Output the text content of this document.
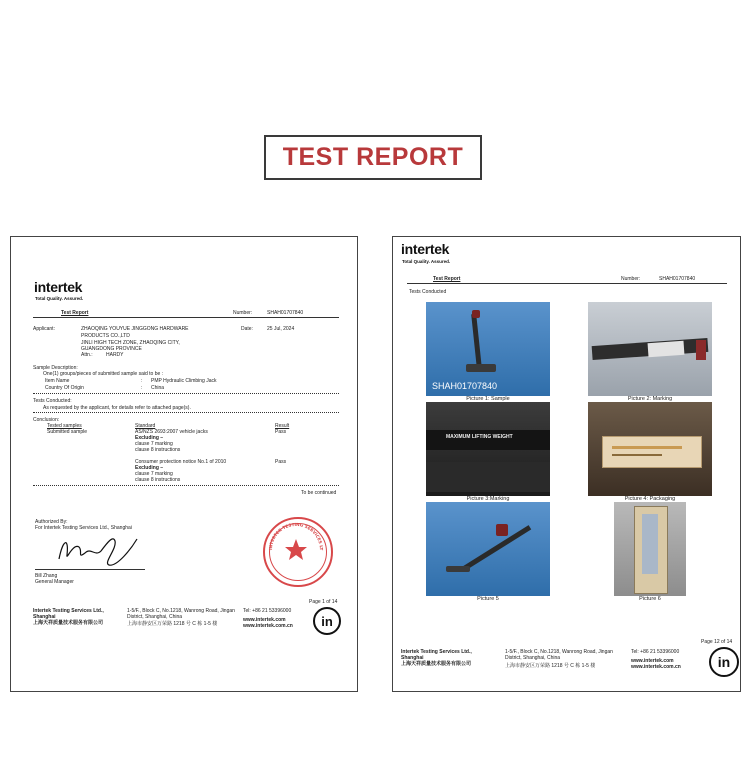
TEST REPORT
intertek
Total Quality. Assured.
Test Report	Number:	SHAH01707840
Applicant:	ZHAOQING YOUYUE JINGGONG HARDWARE
PRODUCTS CO.,LTD
JINLI HIGH TECH ZONE, ZHAOQING CITY,
GUANGDONG PROVINCE
Attn.:	HARDY
Date:	25 Jul, 2024
Sample Description:
One(1) groups/pieces of submitted sample said to be :
Item Name	: PMP Hydraulic Climbing Jack
Country Of Origin	: China
Tests Conducted:
As requested by the applicant, for details refer to attached page(s).
Conclusion:
Tested samples	Standard	Result
Submitted sample	AS/NZS 2693:2007 vehicle jacks
Excluding –
clause 7 marking
clause 8 instructions
Pass
Consumer protection notice No.1 of 2010
Excluding –
clause 7 marking
clause 8 instructions
Pass
To be continued
Authorized By:
For Intertek Testing Services Ltd., Shanghai
Bill Zhang
General Manager
INTERTEK TESTING SERVICES LT
Page 1 of 14
Intertek Testing Services Ltd.,
Shanghai
上海天祥质量技术服务有限公司
1-5/F., Block C, No.1218, Wanrong Road, Jingan
District, Shanghai, China
上海市静安区万荣路 1218 号 C 栋 1-5 楼
Tel: +86 21 53396000
www.intertek.com
www.intertek.com.cn	in
intertek
Total Quality. Assured.
Test Report	Number:	SHAH01707840
Tests Conducted
SHAH01707840
Picture 1: Sample	Picture 2: Marking
MAXIMUM LIFTING WEIGHT
Picture 3:Marking	Picture 4: Packaging
Picture 5	Picture 6
Page 12 of 14
Intertek Testing Services Ltd.,
Shanghai
上海天祥质量技术服务有限公司
1-5/F., Block C, No.1218, Wanrong Road, Jingan
District, Shanghai, China
上海市静安区万荣路 1218 号 C 栋 1-5 楼
Tel: +86 21 53396000
www.intertek.com
www.intertek.com.cn	in
